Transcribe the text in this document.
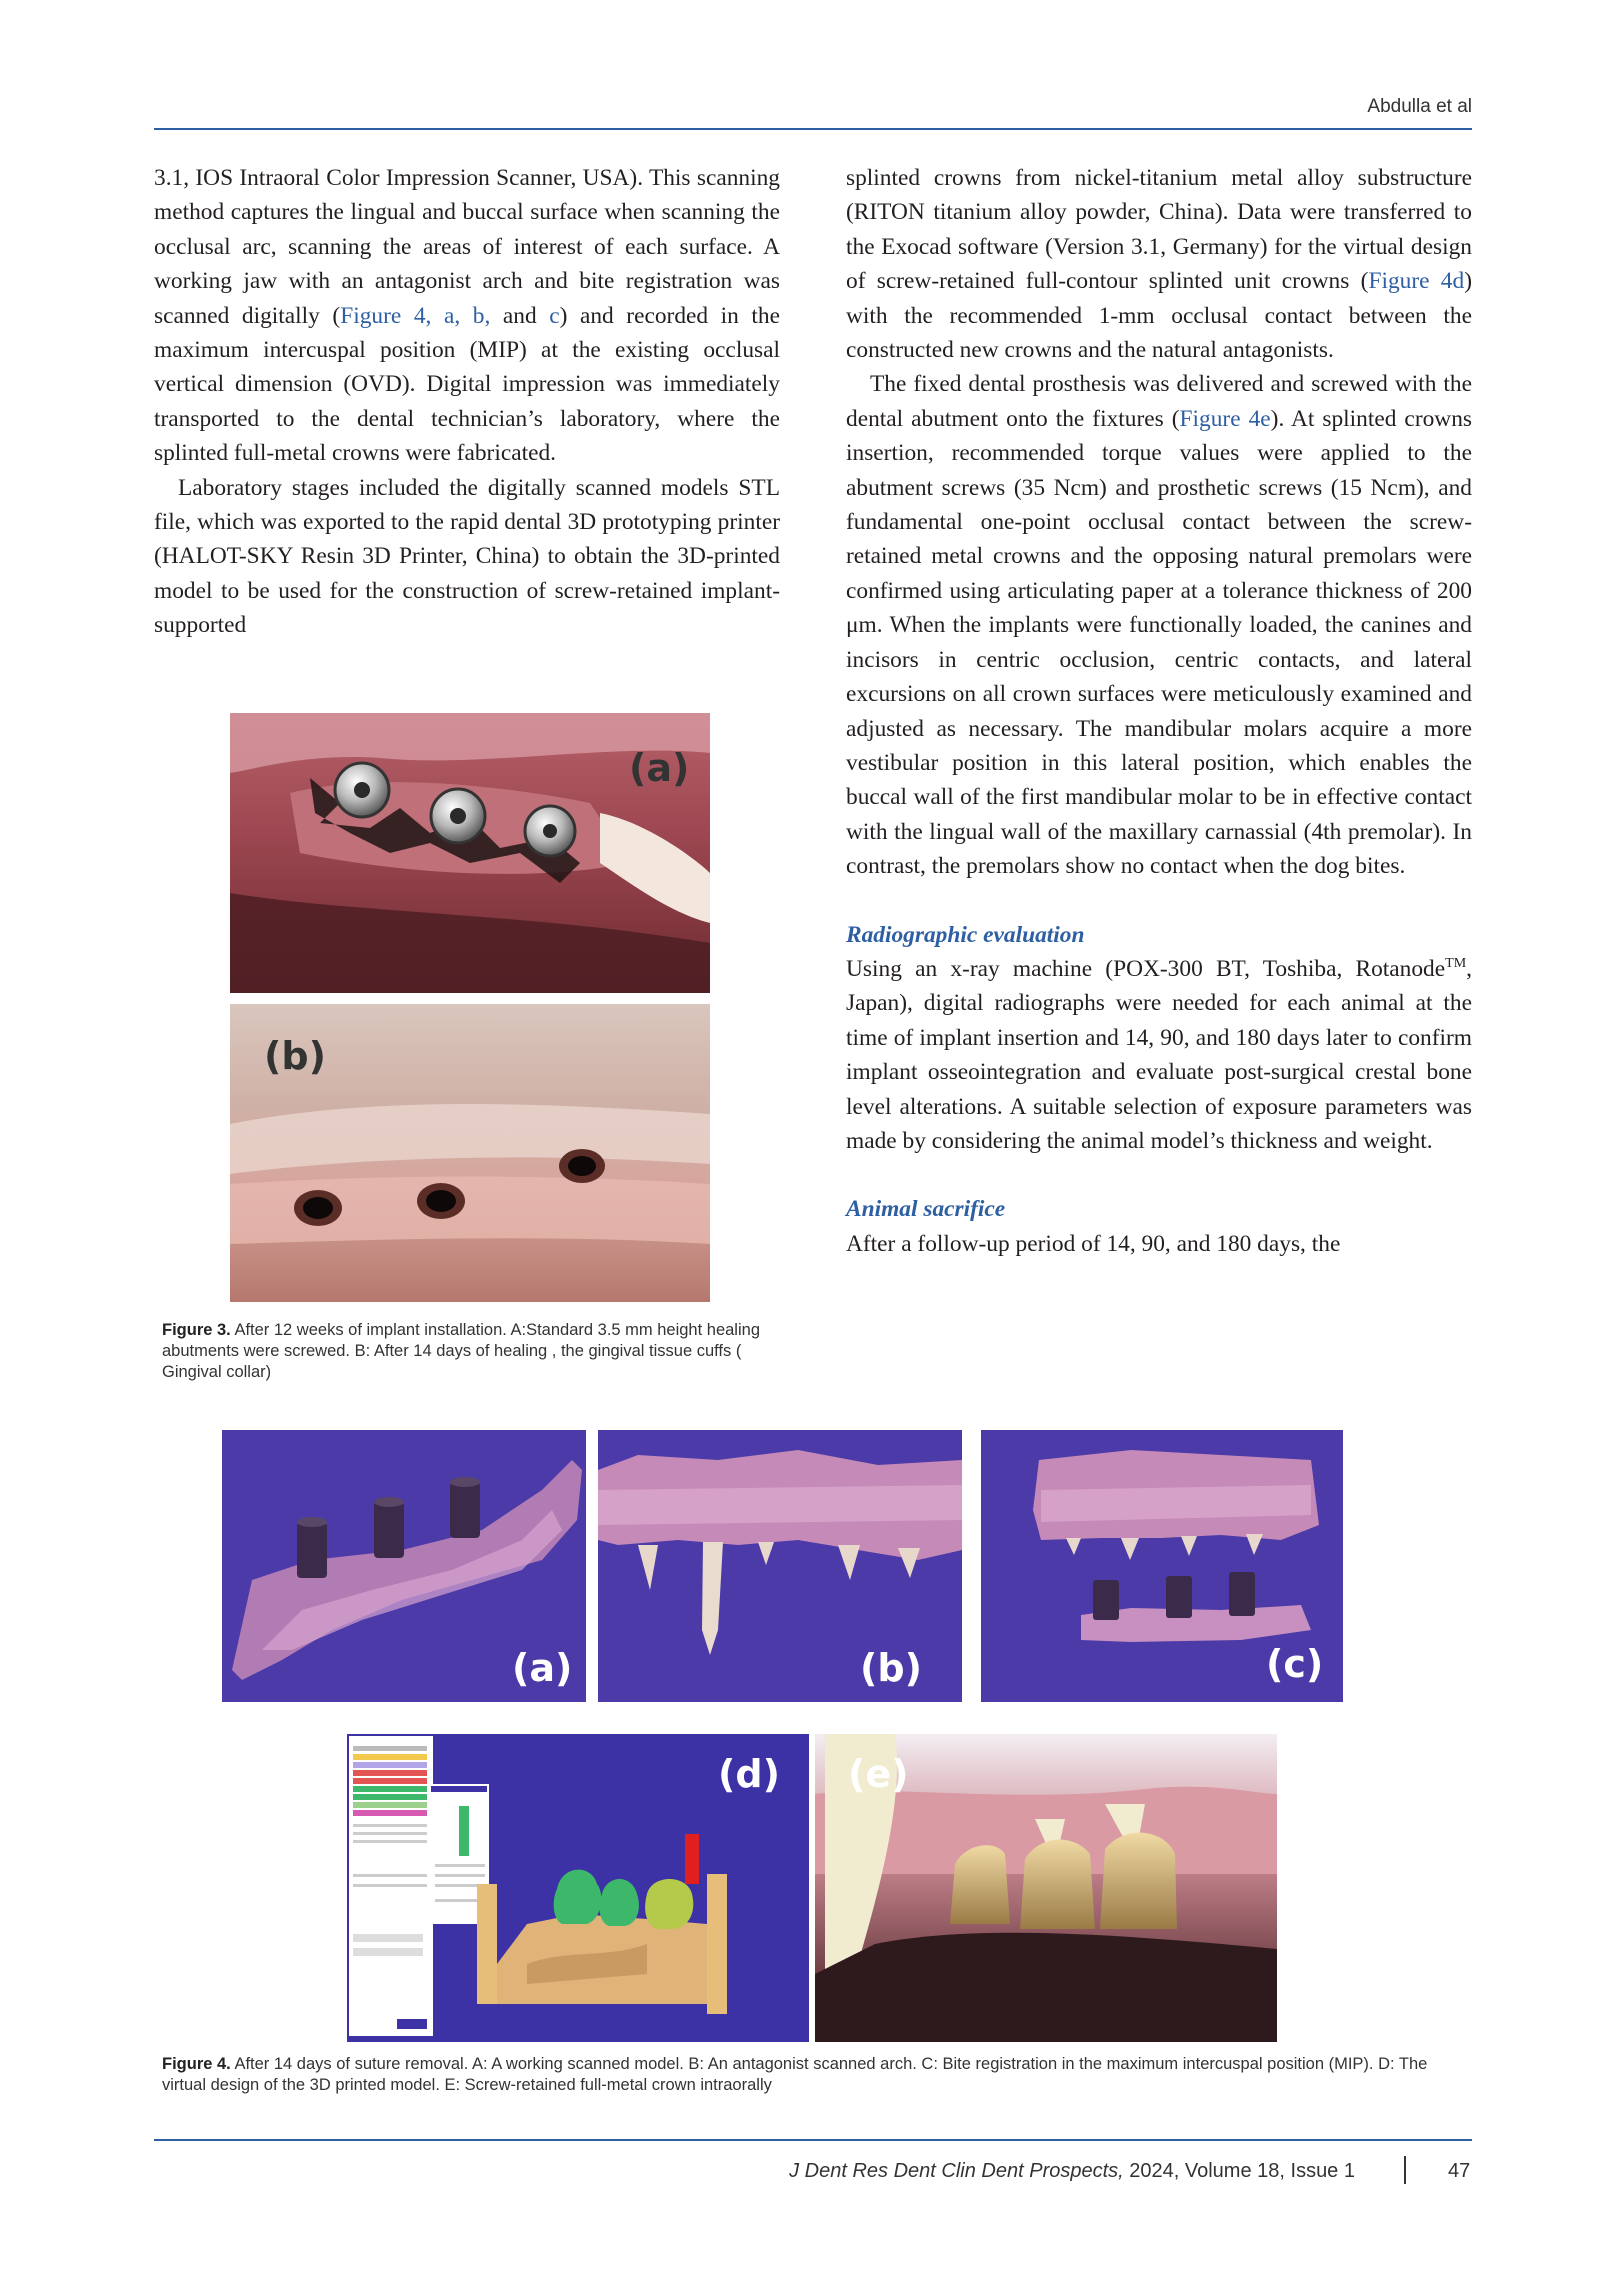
Abdulla et al

3.1, IOS Intraoral Color Impression Scanner, USA). This scanning method captures the lingual and buccal surface when scanning the occlusal arc, scanning the areas of interest of each surface. A working jaw with an antagonist arch and bite registration was scanned digitally (Figure 4, a, b, and c) and recorded in the maximum intercuspal position (MIP) at the existing occlusal vertical dimension (OVD). Digital impression was immediately transported to the dental technician’s laboratory, where the splinted full-metal crowns were fabricated.

Laboratory stages included the digitally scanned models STL file, which was exported to the rapid dental 3D prototyping printer (HALOT-SKY Resin 3D Printer, China) to obtain the 3D-printed model to be used for the construction of screw-retained implant-supported

(a)
(b)
Figure 3. After 12 weeks of implant installation. A:Standard 3.5 mm height healing abutments were screwed. B: After 14 days of healing , the gingival tissue cuffs ( Gingival collar)

splinted crowns from nickel-titanium metal alloy substructure (RITON titanium alloy powder, China). Data were transferred to the Exocad software (Version 3.1, Germany) for the virtual design of screw-retained full-contour splinted unit crowns (Figure 4d) with the recommended 1-mm occlusal contact between the constructed new crowns and the natural antagonists.

The fixed dental prosthesis was delivered and screwed with the dental abutment onto the fixtures (Figure 4e). At splinted crowns insertion, recommended torque values were applied to the abutment screws (35 Ncm) and prosthetic screws (15 Ncm), and fundamental one-point occlusal contact between the screw-retained metal crowns and the opposing natural premolars were confirmed using articulating paper at a tolerance thickness of 200 μm. When the implants were functionally loaded, the canines and incisors in centric occlusion, centric contacts, and lateral excursions on all crown surfaces were meticulously examined and adjusted as necessary. The mandibular molars acquire a more vestibular position in this lateral position, which enables the buccal wall of the first mandibular molar to be in effective contact with the lingual wall of the maxillary carnassial (4th premolar). In contrast, the premolars show no contact when the dog bites.

Radiographic evaluation

Using an x-ray machine (POX-300 BT, Toshiba, Rotanode™, Japan), digital radiographs were needed for each animal at the time of implant insertion and 14, 90, and 180 days later to confirm implant osseointegration and evaluate post-surgical crestal bone level alterations. A suitable selection of exposure parameters was made by considering the animal model’s thickness and weight.

Animal sacrifice

After a follow-up period of 14, 90, and 180 days, the

(a)	(b)	(c)
(d) (e)
Figure 4. After 14 days of suture removal. A: A working scanned model. B: An antagonist scanned arch. C: Bite registration in the maximum intercuspal position (MIP). D: The virtual design of the 3D printed model. E: Screw-retained full-metal crown intraorally
J Dent Res Dent Clin Dent Prospects, 2024, Volume 18, Issue 1	47
